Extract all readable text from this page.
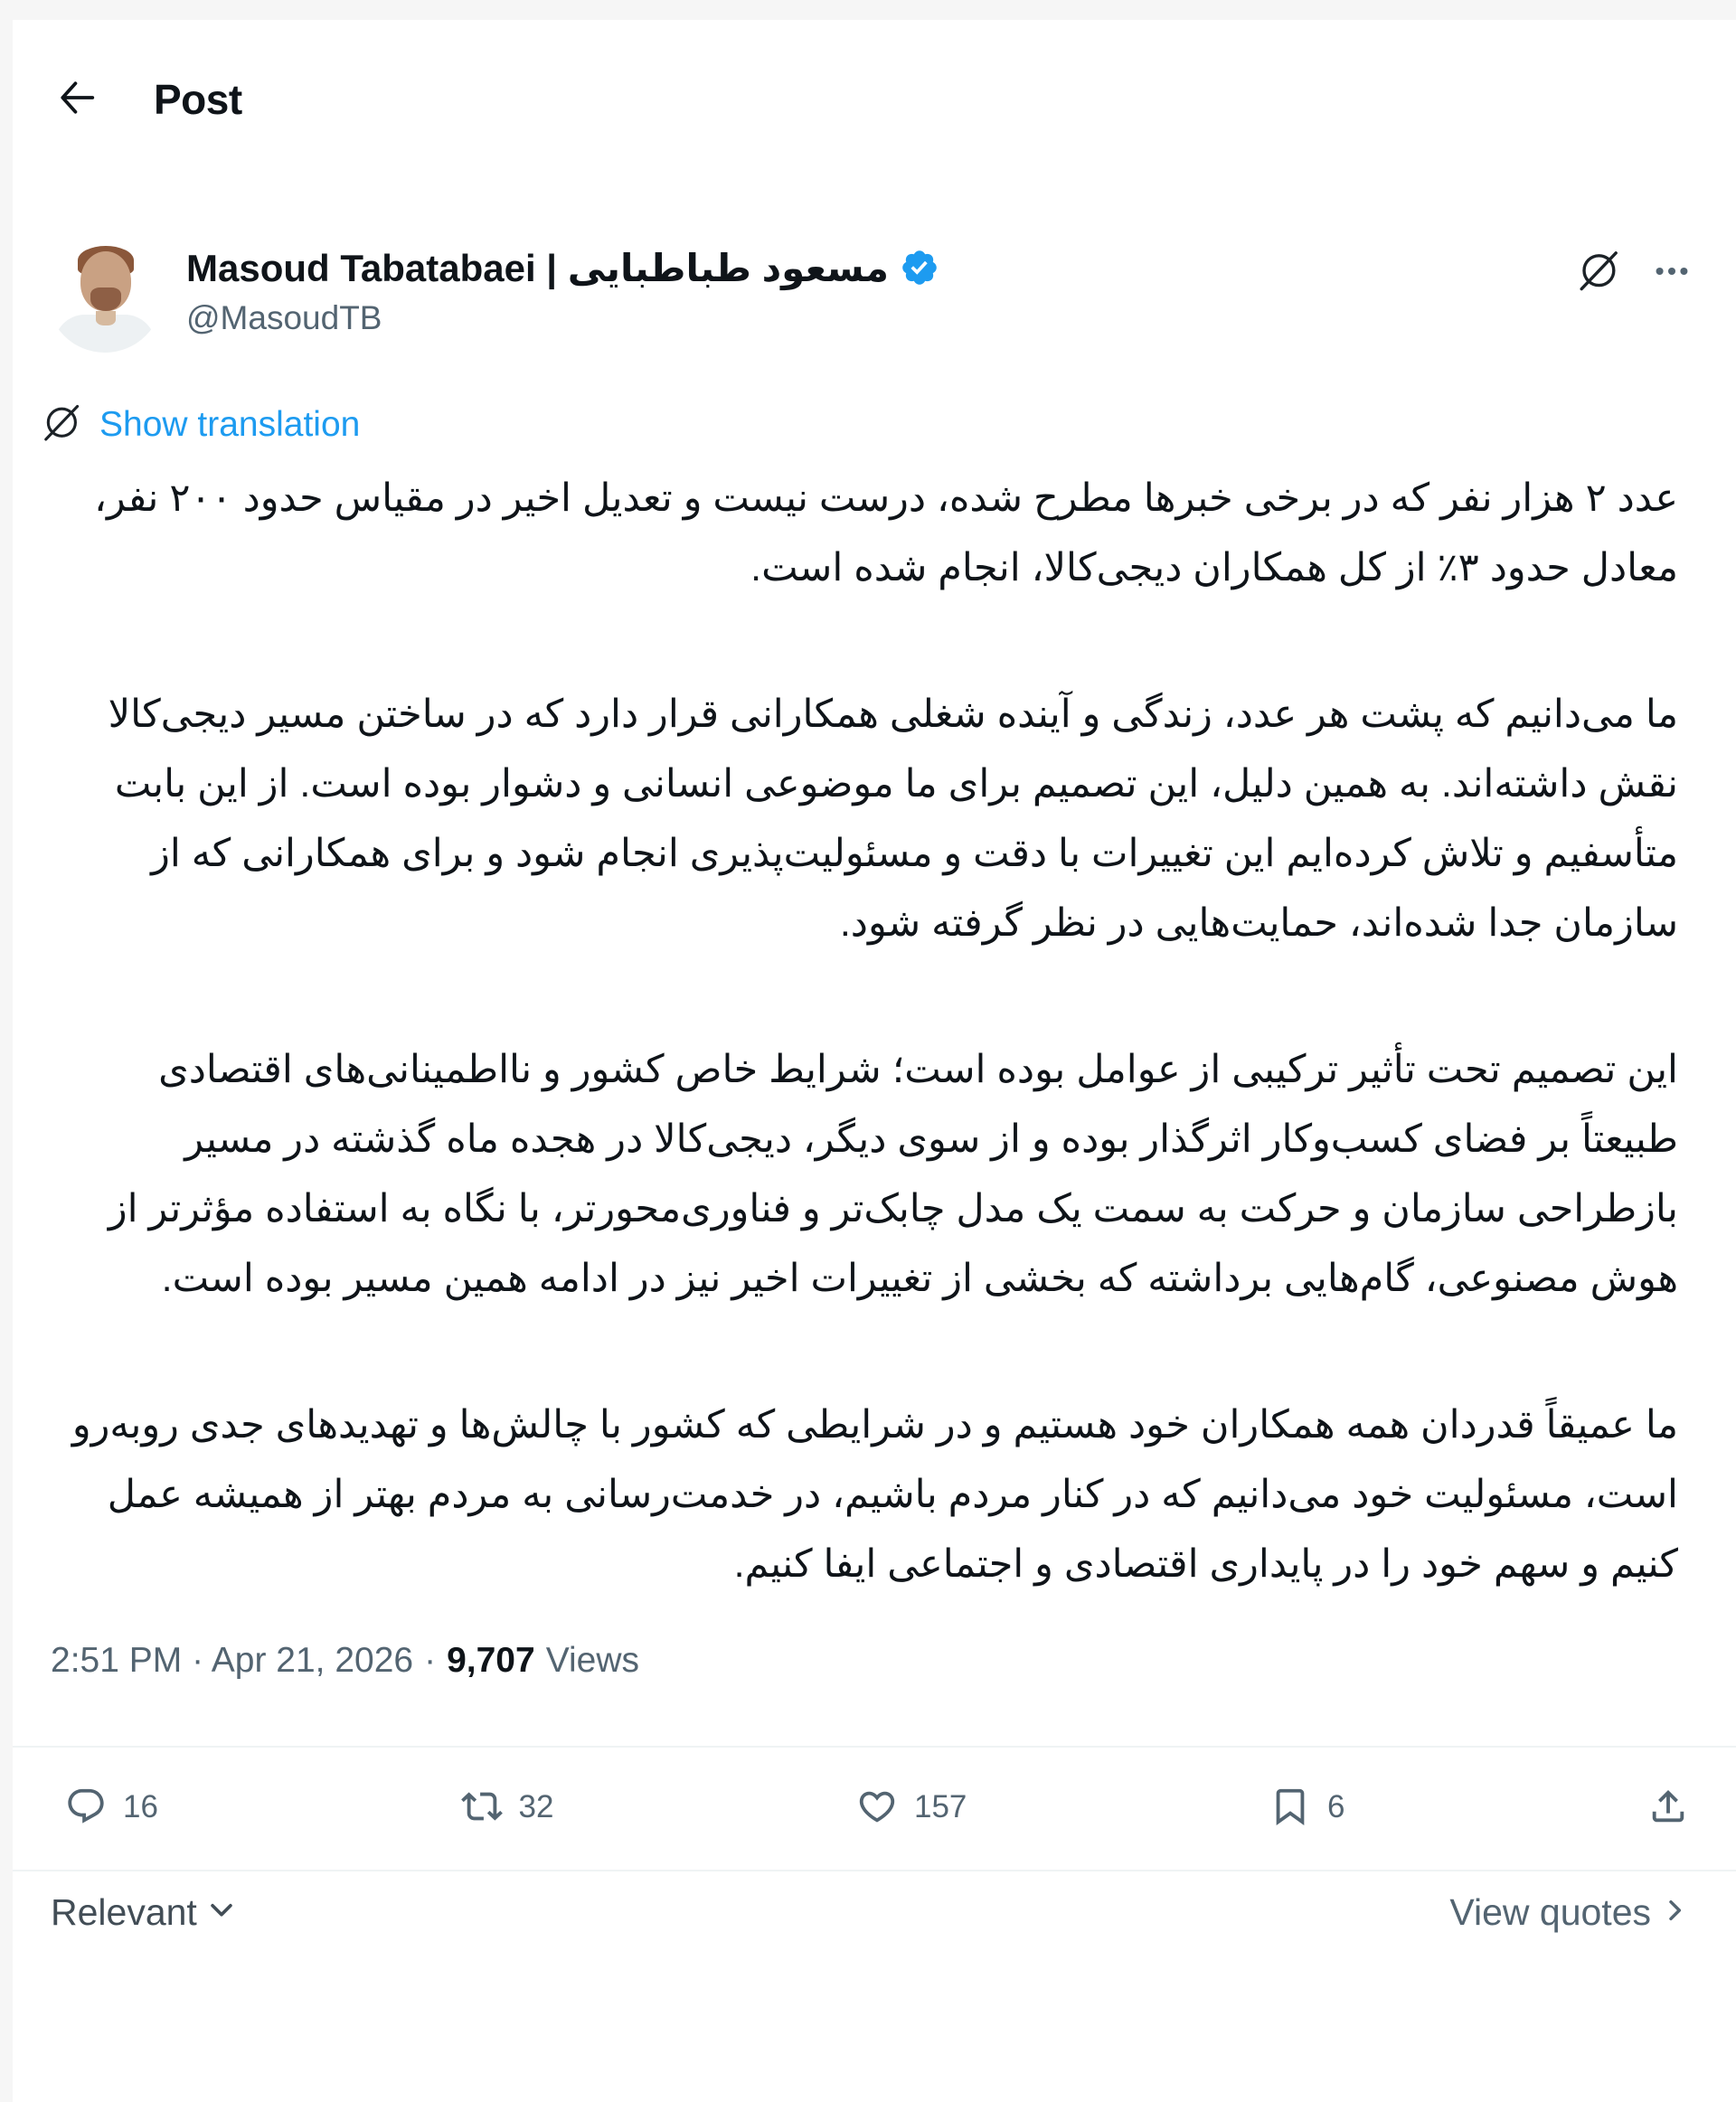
Post
Masoud Tabatabaei | مسعود طباطبایی
@MasoudTB
Show translation

عدد ۲ هزار نفر که در برخی خبرها مطرح شده، درست نیست و تعدیل اخیر در مقیاس حدود ۲۰۰ نفر، معادل حدود ۳٪ از کل همکاران دیجی‌کالا، انجام شده است.

ما می‌دانیم که پشت هر عدد، زندگی و آینده شغلی همکارانی قرار دارد که در ساختن مسیر دیجی‌کالا نقش داشته‌اند. به همین دلیل، این تصمیم برای ما موضوعی انسانی و دشوار بوده است. از این بابت متأسفیم و تلاش کرده‌ایم این تغییرات با دقت و مسئولیت‌پذیری انجام شود و برای همکارانی که از سازمان جدا شده‌اند، حمایت‌هایی در نظر گرفته شود.

این تصمیم تحت تأثیر ترکیبی از عوامل بوده است؛ شرایط خاص کشور و نااطمینانی‌های اقتصادی طبیعتاً بر فضای کسب‌وکار اثرگذار بوده و از سوی دیگر، دیجی‌کالا در هجده ماه گذشته در مسیر بازطراحی سازمان و حرکت به سمت یک مدل چابک‌تر و فناوری‌محورتر، با نگاه به استفاده مؤثرتر از هوش مصنوعی، گام‌هایی برداشته که بخشی از تغییرات اخیر نیز در ادامه همین مسیر بوده است.

ما عمیقاً قدردان همه همکاران خود هستیم و در شرایطی که کشور با چالش‌ها و تهدیدهای جدی روبه‌رو است، مسئولیت خود می‌دانیم که در کنار مردم باشیم، در خدمت‌رسانی به مردم بهتر از همیشه عمل کنیم و سهم خود را در پایداری اقتصادی و اجتماعی ایفا کنیم.

2:51 PM · Apr 21, 2026 · 9,707 Views
16	32	157	6
Relevant	View quotes
